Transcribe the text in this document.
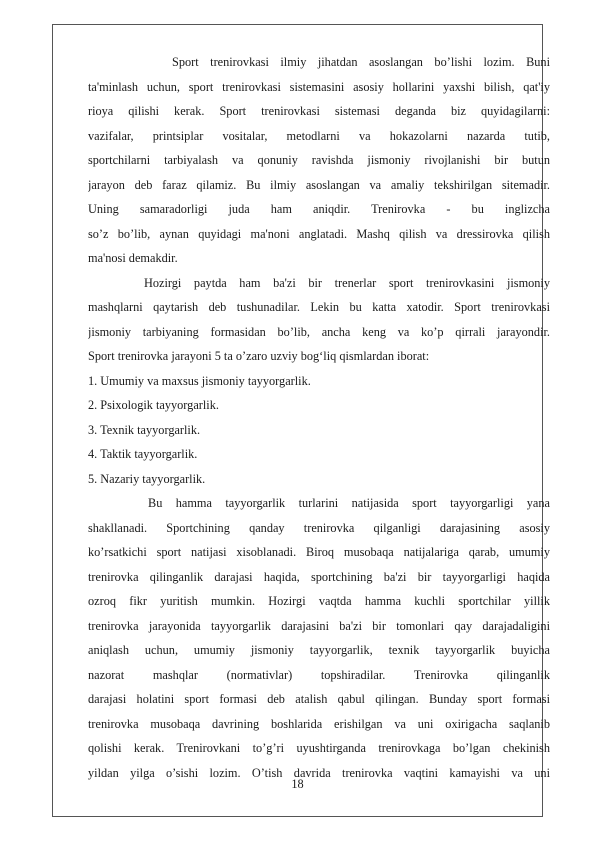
Sport trenirovkasi ilmiy jihatdan asoslangan bo’lishi lozim. Buni
ta'minlash uchun, sport trenirovkasi sistemasini asosiy hollarini yaxshi bilish, qat'iy
rioya qilishi kerak. Sport trenirovkasi sistemasi deganda biz quyidagilarni:
vazifalar, printsiplar vositalar, metodlarni va hokazolarni nazarda tutib,
sportchilarni tarbiyalash va qonuniy ravishda jismoniy rivojlanishi bir butun
jarayon deb faraz qilamiz. Bu ilmiy asoslangan va amaliy tekshirilgan sitemadir.
Uning samaradorligi juda ham aniqdir. Trenirovka - bu inglizcha
so’z bo’lib, aynan quyidagi ma'noni anglatadi. Mashq qilish va dressirovka qilish
ma'nosi demakdir.
Hozirgi paytda ham ba'zi bir trenerlar sport trenirovkasini jismoniy
mashqlarni qaytarish deb tushunadilar. Lekin bu katta xatodir. Sport trenirovkasi
jismoniy tarbiyaning formasidan bo’lib, ancha keng va ko’p qirrali jarayondir.
Sport trenirovka jarayoni 5 ta o’zaro uzviy bog‘liq qismlardan iborat:
1. Umumiy va maxsus jismoniy tayyorgarlik.
2. Psixologik tayyorgarlik.
3. Texnik tayyorgarlik.
4. Taktik tayyorgarlik.
5. Nazariy tayyorgarlik.
Bu hamma tayyorgarlik turlarini natijasida sport tayyorgarligi yana
shakllanadi. Sportchining qanday trenirovka qilganligi darajasining asosiy
ko’rsatkichi sport natijasi xisoblanadi. Biroq musobaqa natijalariga qarab, umumiy
trenirovka qilinganlik darajasi haqida, sportchining ba'zi bir tayyorgarligi haqida
ozroq fikr yuritish mumkin. Hozirgi vaqtda hamma kuchli sportchilar yillik
trenirovka jarayonida tayyorgarlik darajasini ba'zi bir tomonlari qay darajadaligini
aniqlash uchun, umumiy jismoniy tayyorgarlik, texnik tayyorgarlik buyicha
nazorat mashqlar (normativlar) topshiradilar. Trenirovka qilinganlik
darajasi holatini sport formasi deb atalish qabul qilingan. Bunday sport formasi
trenirovka musobaqa davrining boshlarida erishilgan va uni oxirigacha saqlanib
qolishi kerak. Trenirovkani to’g’ri uyushtirganda trenirovkaga bo’lgan chekinish
yildan yilga o’sishi lozim. O’tish davrida trenirovka vaqtini kamayishi va uni
18
